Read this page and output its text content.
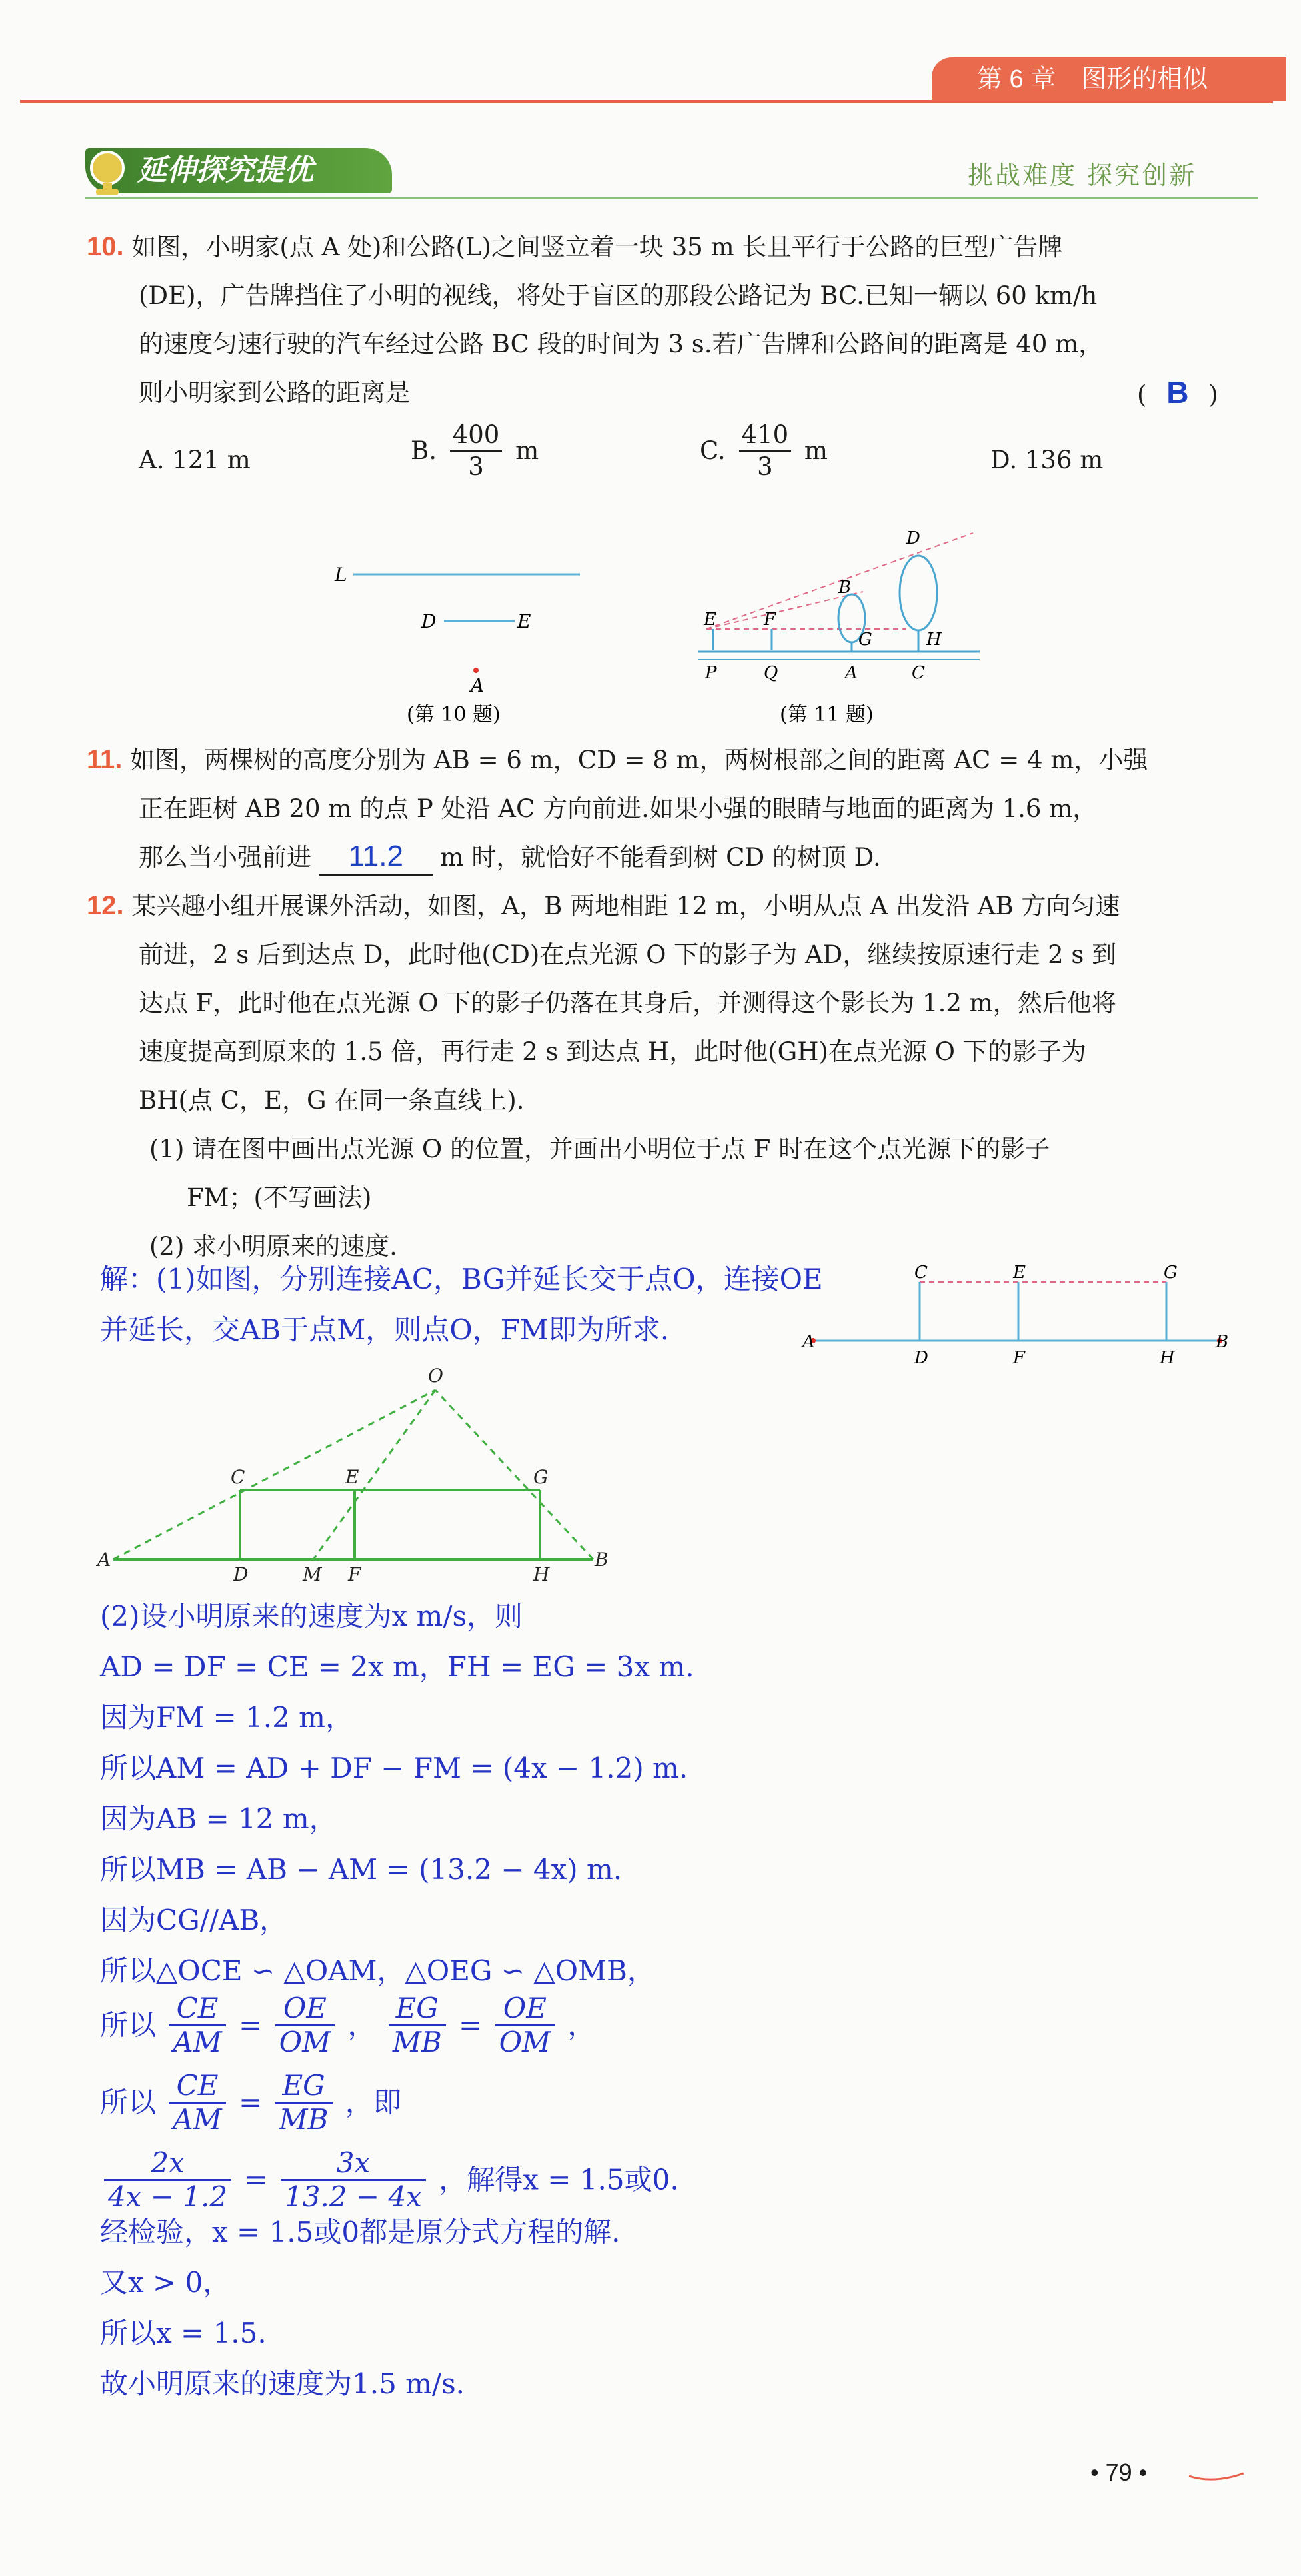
第 6 章　图形的相似
延伸探究提优	挑战难度 探究创新
10. 如图，小明家(点 A 处)和公路(L)之间竖立着一块 35 m 长且平行于公路的巨型广告牌
(DE)，广告牌挡住了小明的视线，将处于盲区的那段公路记为 BC.已知一辆以 60 km/h
的速度匀速行驶的汽车经过公路 BC 段的时间为 3 s.若广告牌和公路间的距离是 40 m，
则小明家到公路的距离是	( B )
A. 121 m	B. $\frac{400}{3}$ m	C. $\frac{410}{3}$ m	D. 136 m
L
D	E
A
(第 10 题)
D
B
E	F
G	H
P	Q	A	C
(第 11 题)
11. 如图，两棵树的高度分别为 AB = 6 m，CD = 8 m，两树根部之间的距离 AC = 4 m，小强
正在距树 AB 20 m 的点 P 处沿 AC 方向前进.如果小强的眼睛与地面的距离为 1.6 m，
那么当小强前进 11.2 m 时，就恰好不能看到树 CD 的树顶 D.
12. 某兴趣小组开展课外活动，如图，A，B 两地相距 12 m，小明从点 A 出发沿 AB 方向匀速
前进，2 s 后到达点 D，此时他(CD)在点光源 O 下的影子为 AD，继续按原速行走 2 s 到
达点 F，此时他在点光源 O 下的影子仍落在其身后，并测得这个影长为 1.2 m，然后他将
速度提高到原来的 1.5 倍，再行走 2 s 到达点 H，此时他(GH)在点光源 O 下的影子为
BH(点 C，E，G 在同一条直线上).
(1) 请在图中画出点光源 O 的位置，并画出小明位于点 F 时在这个点光源下的影子
FM；(不写画法)
(2) 求小明原来的速度.
C	E	G
A
D	F	H
B
解：(1)如图，分别连接AC，BG并延长交于点O，连接OE
并延长，交AB于点M，则点O，FM即为所求.
O
C	E	G
A
D	M F	H
B
(2)设小明原来的速度为x m/s，则
AD = DF = CE = 2x m，FH = EG = 3x m.
因为FM = 1.2 m，
所以AM = AD + DF − FM = (4x − 1.2) m.
因为AB = 12 m，
所以MB = AB − AM = (13.2 − 4x) m.
因为CG//AB，
所以△OCE ∽ △OAM，△OEG ∽ △OMB，
所以 $\frac{CE}{AM} = \frac{OE}{OM}$ ， $\frac{EG}{MB} = \frac{OE}{OM}$ ，
所以 $\frac{CE}{AM} = \frac{EG}{MB}$ ，即
$\frac{2x}{4x - 1.2} = \frac{3x}{13.2 - 4x}$ ，解得x = 1.5或0.
经检验，x = 1.5或0都是原分式方程的解.
又x > 0，
所以x = 1.5.
故小明原来的速度为1.5 m/s.
• 79 •
